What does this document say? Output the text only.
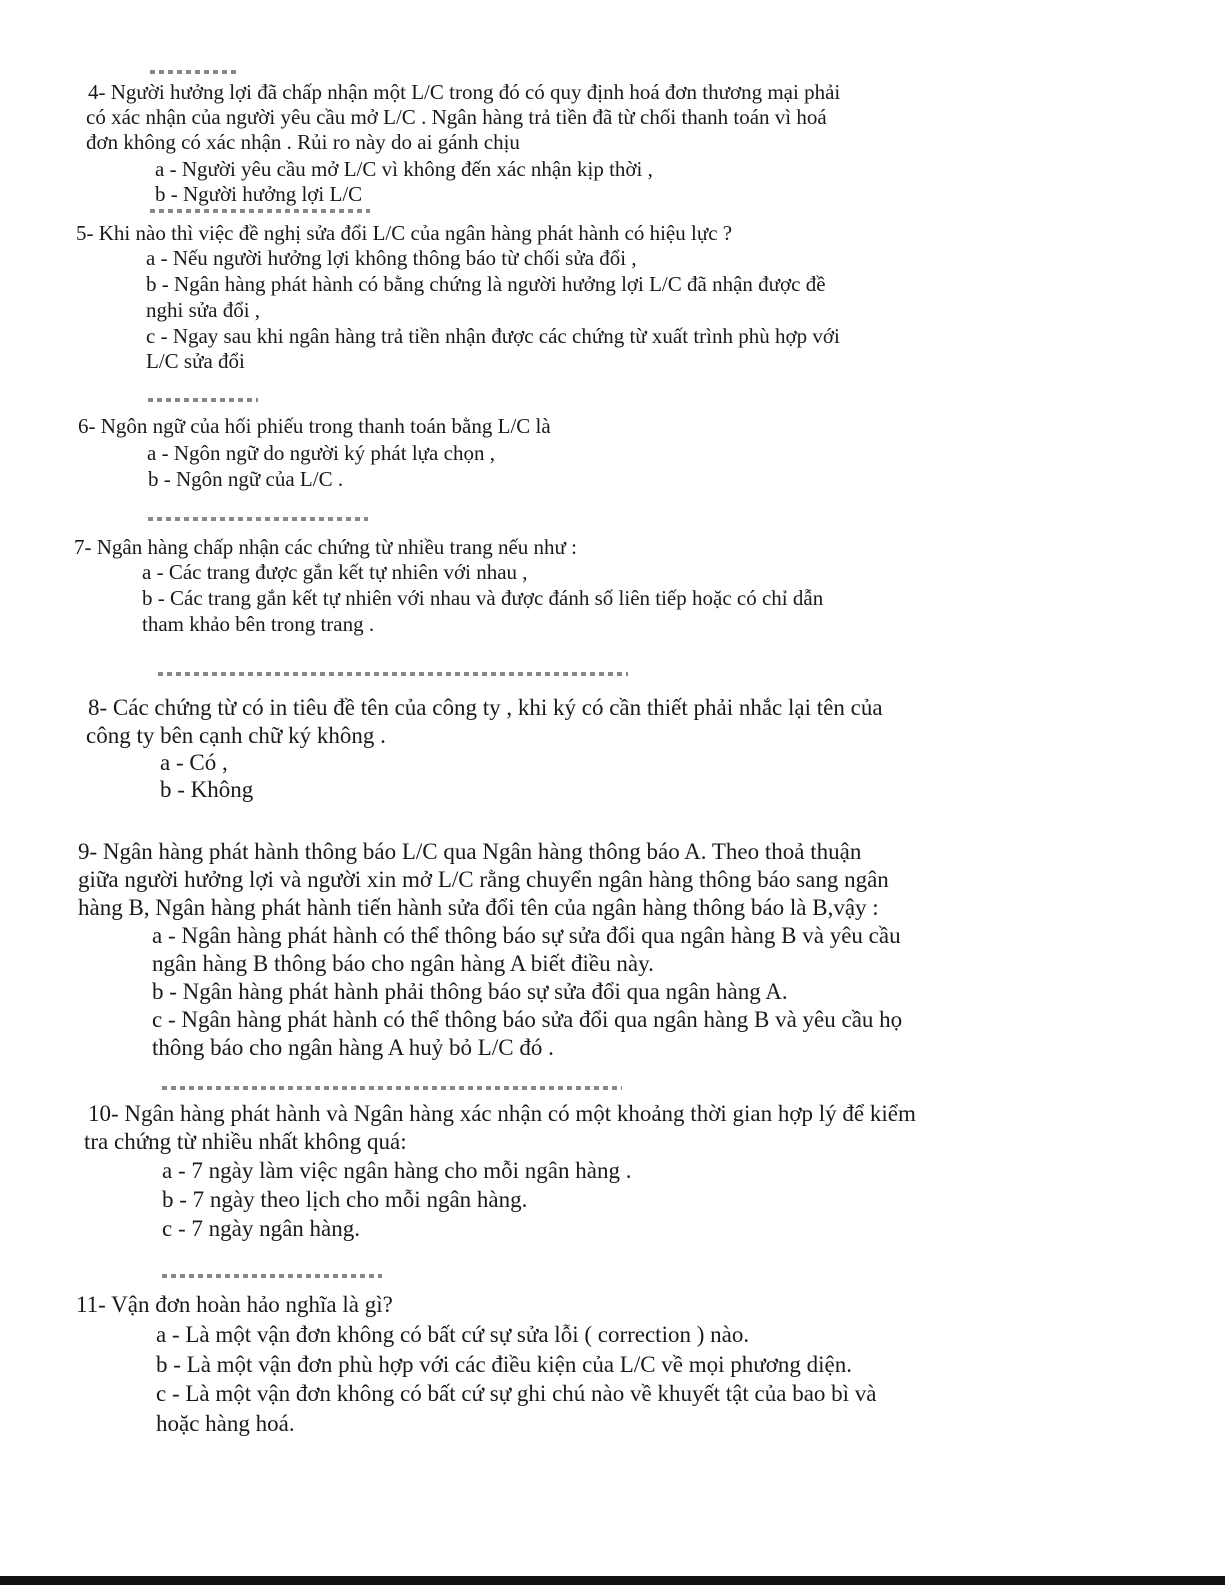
4- Người hưởng lợi đã chấp nhận một L/C trong đó có quy định hoá đơn thương mại phải
có xác nhận của người yêu cầu mở L/C . Ngân hàng trả tiền đã từ chối thanh toán vì hoá
đơn không có xác nhận . Rủi ro này do ai gánh chịu
a - Người yêu cầu mở L/C vì không đến xác nhận kịp thời ,
b - Người hưởng lợi L/C
5- Khi nào thì việc đề nghị sửa đổi L/C của ngân hàng phát hành có hiệu lực ?
a - Nếu người hưởng lợi không thông báo từ chối sửa đổi ,
b - Ngân hàng phát hành có bằng chứng là người hưởng lợi L/C đã nhận được đề
nghi sửa đổi ,
c - Ngay sau khi ngân hàng trả tiền nhận được các chứng từ xuất trình phù hợp với
L/C sửa đổi
6- Ngôn ngữ của hối phiếu trong thanh toán bằng L/C là
a - Ngôn ngữ do người ký phát lựa chọn ,
b - Ngôn ngữ của L/C .
7- Ngân hàng chấp nhận các chứng từ nhiều trang nếu như :
a - Các trang được gắn kết tự nhiên với nhau ,
b - Các trang gắn kết tự nhiên với nhau và được đánh số liên tiếp hoặc có chỉ dẫn
tham khảo bên trong trang .
8- Các chứng từ có in tiêu đề tên của công ty , khi ký có cần thiết phải nhắc lại tên của
công ty bên cạnh chữ ký không .
a - Có ,
b - Không
9- Ngân hàng phát hành thông báo L/C qua Ngân hàng thông báo A. Theo thoả thuận
giữa người hưởng lợi và người xin mở L/C rằng chuyển ngân hàng thông báo sang ngân
hàng B, Ngân hàng phát hành tiến hành sửa đổi tên của ngân hàng thông báo là B,vậy :
a - Ngân hàng phát hành có thể thông báo sự sửa đổi qua ngân hàng B và yêu cầu
ngân hàng B thông báo cho ngân hàng A biết điều này.
b - Ngân hàng phát hành phải thông báo sự sửa đổi qua ngân hàng A.
c - Ngân hàng phát hành có thể thông báo sửa đổi qua ngân hàng B và yêu cầu họ
thông báo cho ngân hàng A huỷ bỏ L/C đó .
10- Ngân hàng phát hành và Ngân hàng xác nhận có một khoảng thời gian hợp lý để kiểm
tra chứng từ nhiều nhất không quá:
a - 7 ngày làm việc ngân hàng cho mỗi ngân hàng .
b - 7 ngày theo lịch cho mỗi ngân hàng.
c - 7 ngày ngân hàng.
11- Vận đơn hoàn hảo nghĩa là gì?
a - Là một vận đơn không có bất cứ sự sửa lỗi ( correction ) nào.
b - Là một vận đơn phù hợp với các điều kiện của L/C về mọi phương diện.
c - Là một vận đơn không có bất cứ sự ghi chú nào về khuyết tật của bao bì và
hoặc hàng hoá.
